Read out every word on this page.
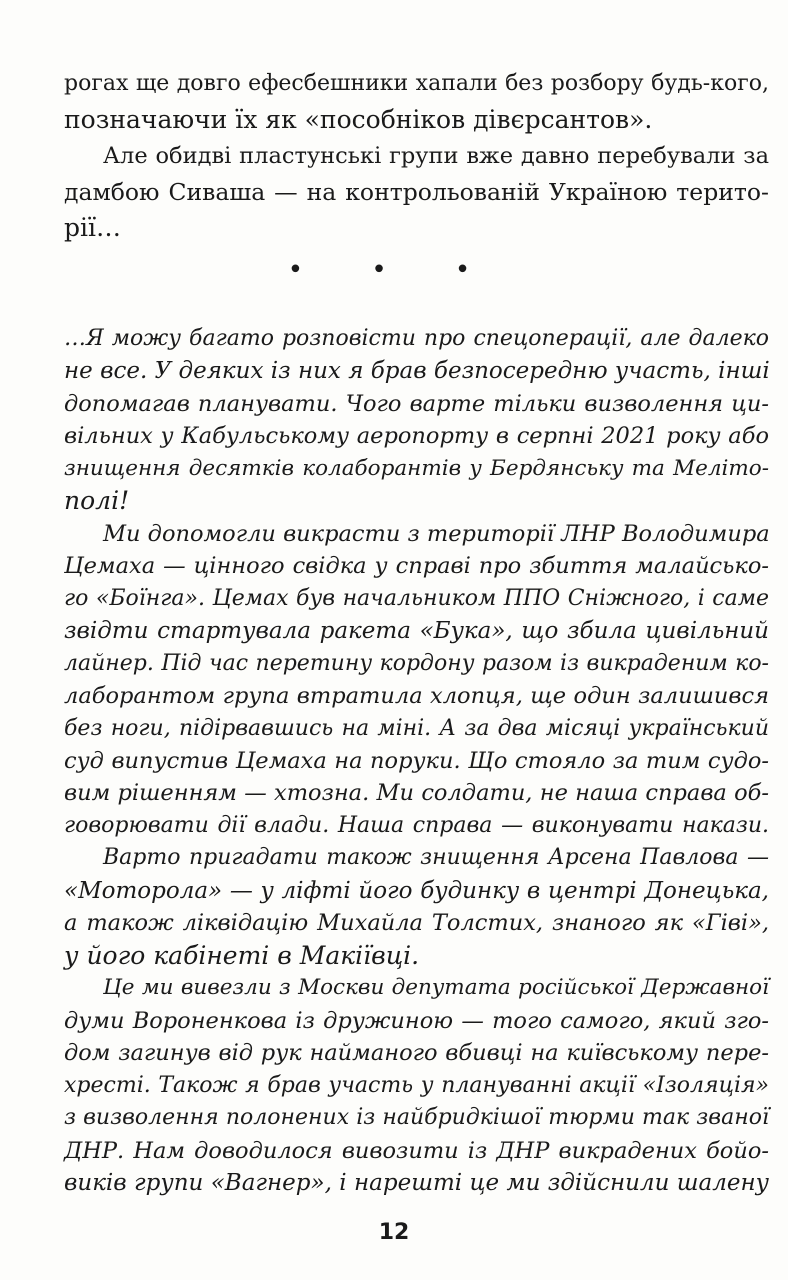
рогах ще довго ефесбешники хапали без розбору будь-кого,
позначаючи їх як «пособніков дівєрсантов».
Але обидві пластунські групи вже давно перебували за
дамбою Сиваша — на контрольованій Україною терито-
рії…
• • •
…Я можу багато розповісти про спецоперації, але далеко
не все. У деяких із них я брав безпосередню участь, інші
допомагав планувати. Чого варте тільки визволення ци-
вільних у Кабульському аеропорту в серпні 2021 року або
знищення десятків колаборантів у Бердянську та Меліто-
полі!
Ми допомогли викрасти з території ЛНР Володимира
Цемаха — цінного свідка у справі про збиття малайсько-
го «Боїнга». Цемах був начальником ППО Сніжного, і саме
звідти стартувала ракета «Бука», що збила цивільний
лайнер. Під час перетину кордону разом із викраденим ко-
лаборантом група втратила хлопця, ще один залишився
без ноги, підірвавшись на міні. А за два місяці український
суд випустив Цемаха на поруки. Що стояло за тим судо-
вим рішенням — хтозна. Ми солдати, не наша справа об-
говорювати дії влади. Наша справа — виконувати накази.
Варто пригадати також знищення Арсена Павлова —
«Моторола» — у ліфті його будинку в центрі Донецька,
а також ліквідацію Михайла Толстих, знаного як «Гіві»,
у його кабінеті в Макіївці.
Це ми вивезли з Москви депутата російської Державної
думи Вороненкова із дружиною — того самого, який зго-
дом загинув від рук найманого вбивці на київському пере-
хресті. Також я брав участь у плануванні акції «Ізоляція»
з визволення полонених із найбридкішої тюрми так званої
ДНР. Нам доводилося вивозити із ДНР викрадених бойо-
виків групи «Вагнер», і нарешті це ми здійснили шалену
12
